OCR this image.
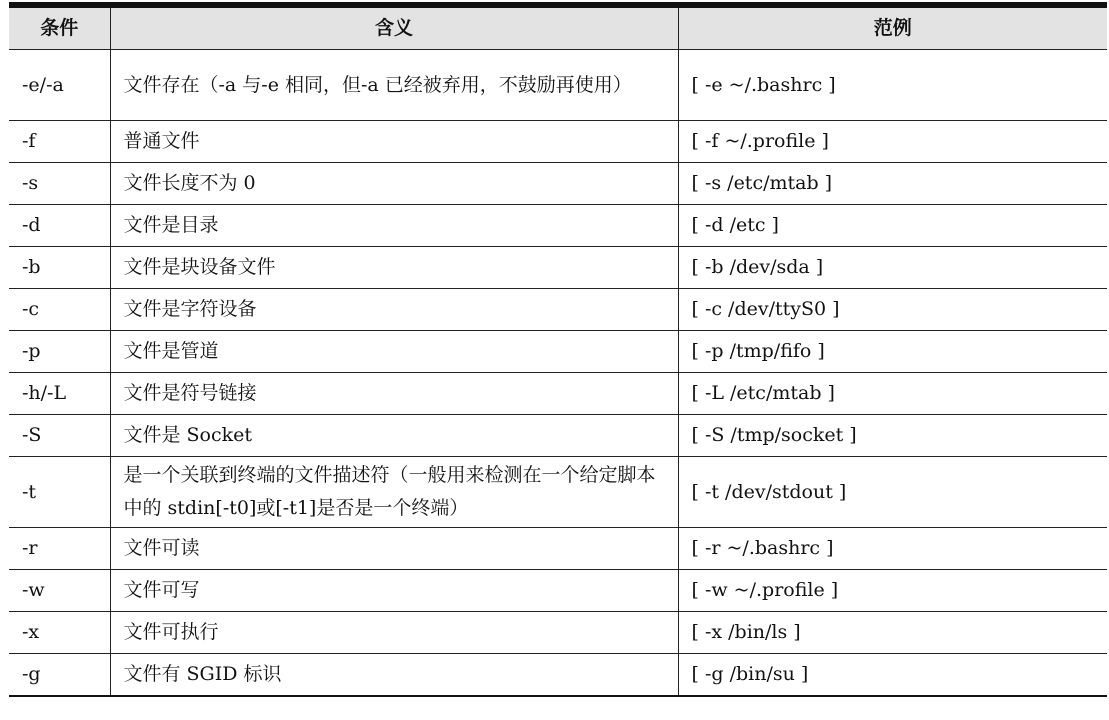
条件	含义	范例
-e/-a	文件存在（-a 与-e 相同，但-a 已经被弃用，不鼓励再使用）	[ -e ~/.bashrc ]
-f	普通文件	[ -f ~/.profile ]
-s	文件长度不为 0	[ -s /etc/mtab ]
-d	文件是目录	[ -d /etc ]
-b	文件是块设备文件	[ -b /dev/sda ]
-c	文件是字符设备	[ -c /dev/ttyS0 ]
-p	文件是管道	[ -p /tmp/fifo ]
-h/-L	文件是符号链接	[ -L /etc/mtab ]
-S	文件是 Socket	[ -S /tmp/socket ]
-t	是一个关联到终端的文件描述符（一般用来检测在一个给定脚本中的 stdin[-t0]或[-t1]是否是一个终端）	[ -t /dev/stdout ]
-r	文件可读	[ -r ~/.bashrc ]
-w	文件可写	[ -w ~/.profile ]
-x	文件可执行	[ -x /bin/ls ]
-g	文件有 SGID 标识	[ -g /bin/su ]
